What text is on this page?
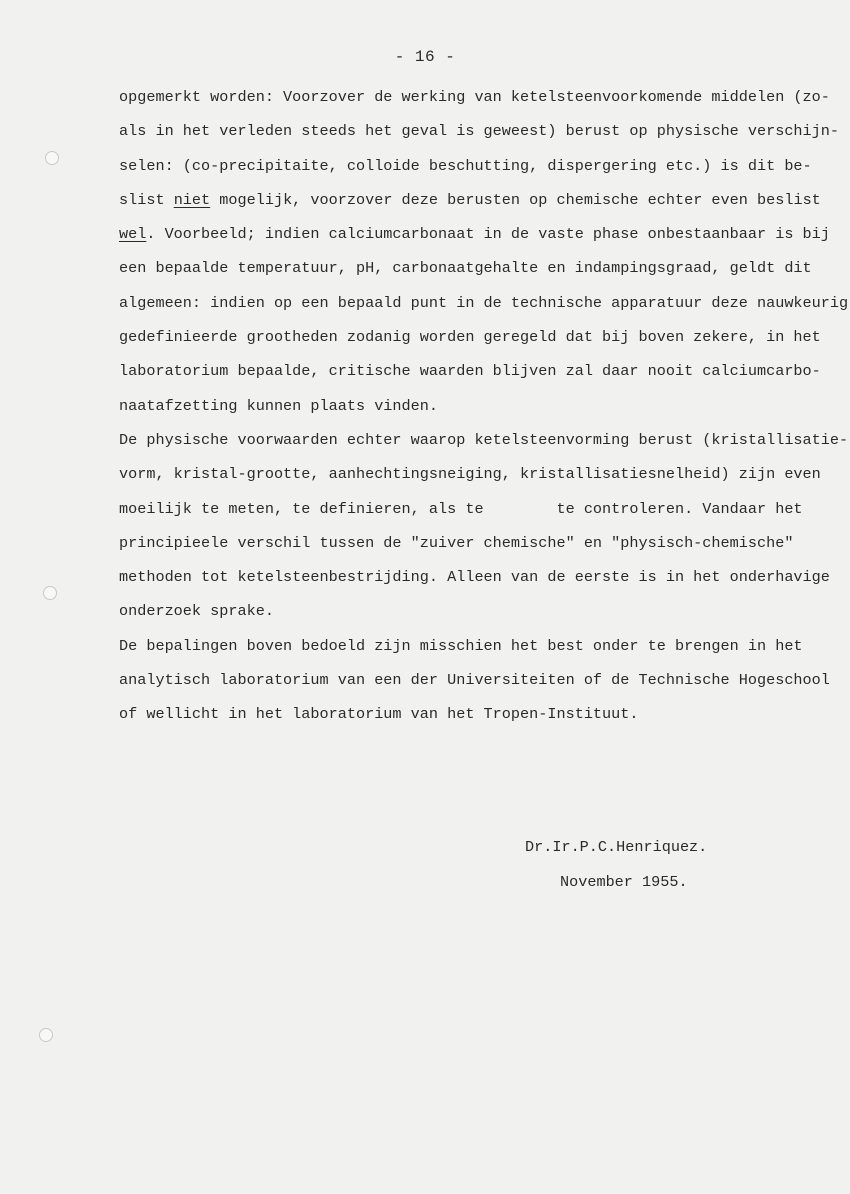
- 16 -
opgemerkt worden: Voorzover de werking van ketelsteenvoorkomende middelen (zo-
als in het verleden steeds het geval is geweest) berust op physische verschijn-
selen: (co-precipitaite, colloide beschutting, dispergering etc.) is dit be-
slist niet mogelijk, voorzover deze berusten op chemische echter even beslist
wel. Voorbeeld; indien calciumcarbonaat in de vaste phase onbestaanbaar is bij
een bepaalde temperatuur, pH, carbonaatgehalte en indampingsgraad, geldt dit
algemeen: indien op een bepaald punt in de technische apparatuur deze nauwkeurig
gedefinieerde grootheden zodanig worden geregeld dat bij boven zekere, in het
laboratorium bepaalde, critische waarden blijven zal daar nooit calciumcarbo-
naatafzetting kunnen plaats vinden.
De physische voorwaarden echter waarop ketelsteenvorming berust (kristallisatie-
vorm, kristal-grootte, aanhechtingsneiging, kristallisatiesnelheid) zijn even
moeilijk te meten, te definieren, als te        te controleren. Vandaar het
principieele verschil tussen de "zuiver chemische" en "physisch-chemische"
methoden tot ketelsteenbestrijding. Alleen van de eerste is in het onderhavige
onderzoek sprake.
De bepalingen boven bedoeld zijn misschien het best onder te brengen in het
analytisch laboratorium van een der Universiteiten of de Technische Hogeschool
of wellicht in het laboratorium van het Tropen-Instituut.
Dr.Ir.P.C.Henriquez.
November 1955.
